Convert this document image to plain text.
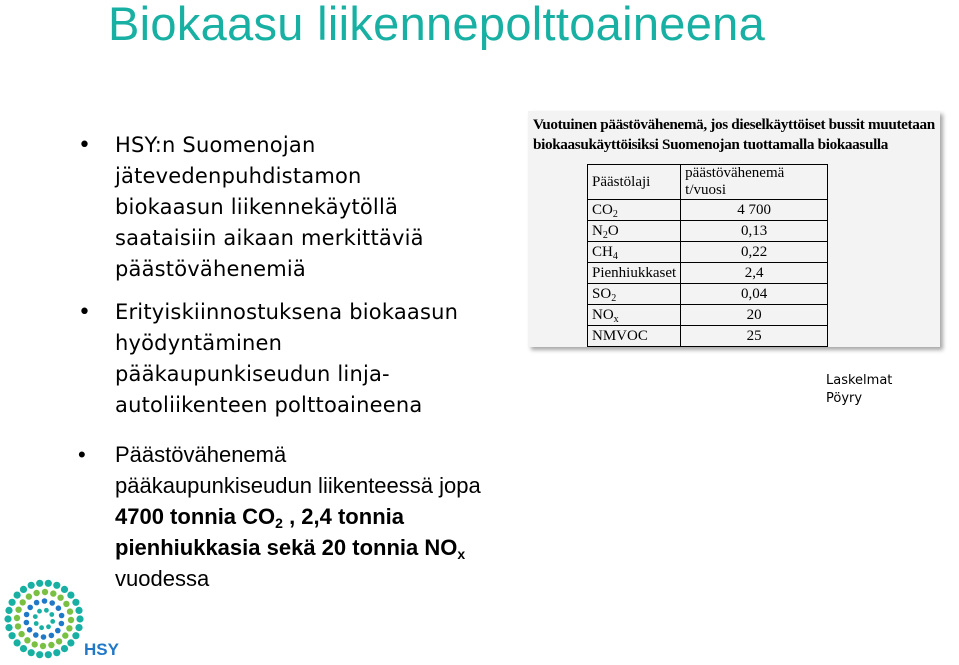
Biokaasu liikennepolttoaineena
• HSY:n Suomenojan
jätevedenpuhdistamon
biokaasun liikennekäytöllä
saataisiin aikaan merkittäviä
päästövähenemiä
• Erityiskiinnostuksena biokaasun
hyödyntäminen
pääkaupunkiseudun linja-
autoliikenteen polttoaineena
• Päästövähenemä
pääkaupunkiseudun liikenteessä jopa
4700 tonnia $CO_2$ , 2,4 tonnia
pienhiukkasia sekä 20 tonnia $NO_x$
vuodessa
Vuotuinen päästövähenemä, jos dieselkäyttöiset bussit muutetaan
biokaasukäyttöisiksi Suomenojan tuottamalla biokaasulla
Päästölaji	päästövähenemä t/vuosi
$CO_2$	4 700
$N_2O$	0,13
$CH_4$	0,22
Pienhiukkaset	2,4
$SO_2$	0,04
$NO_x$	20
NMVOC	25
Laskelmat
Pöyry
HSY
